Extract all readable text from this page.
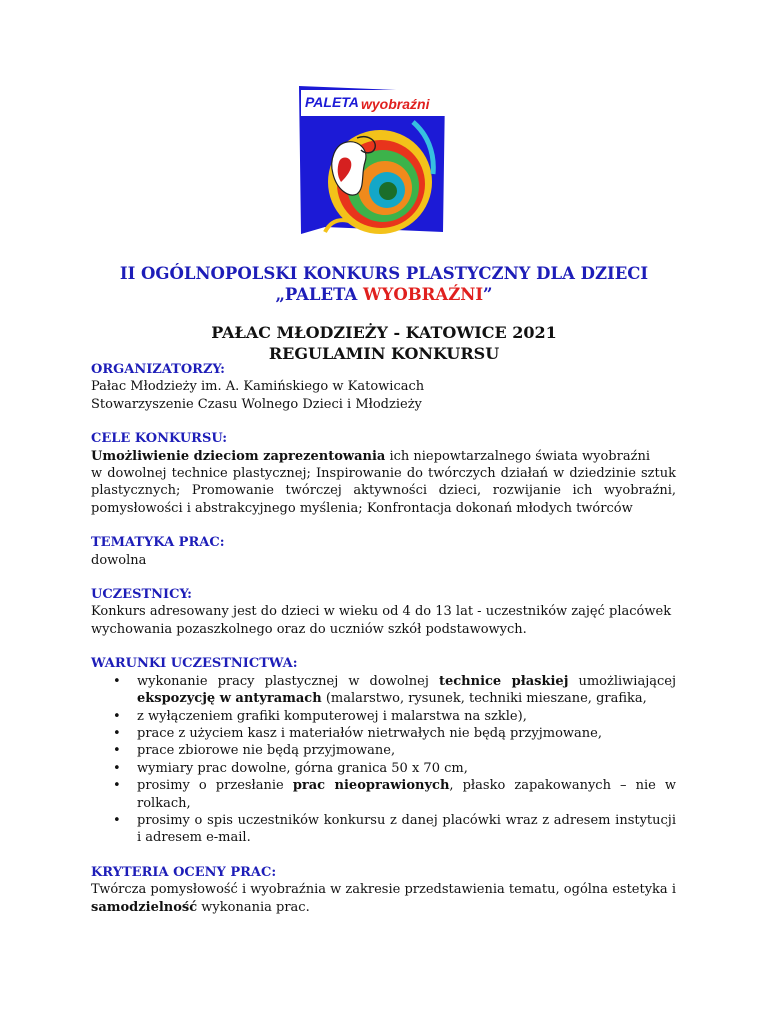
PALETA wyobraźni
II OGÓLNOPOLSKI KONKURS PLASTYCZNY DLA DZIECI
„PALETA WYOBRAŹNI”
PAŁAC MŁODZIEŻY - KATOWICE 2021
REGULAMIN KONKURSU

ORGANIZATORZY:

Pałac Młodzieży im. A. Kamińskiego w Katowicach

Stowarzyszenie Czasu Wolnego Dzieci i Młodzieży

CELE KONKURSU:

Umożliwienie dzieciom zaprezentowania ich niepowtarzalnego świata wyobraźni

w dowolnej technice plastycznej; Inspirowanie do twórczych działań w dziedzinie sztuk plastycznych; Promowanie twórczej aktywności dzieci, rozwijanie ich wyobraźni, pomysłowości i abstrakcyjnego myślenia; Konfrontacja dokonań młodych twórców

TEMATYKA PRAC:

dowolna

UCZESTNICY:

Konkurs adresowany jest do dzieci w wieku od 4 do 13 lat - uczestników zajęć placówek wychowania pozaszkolnego oraz do uczniów szkół podstawowych.

WARUNKI UCZESTNICTWA:

• wykonanie pracy plastycznej w dowolnej technice płaskiej umożliwiającej ekspozycję w antyramach (malarstwo, rysunek, techniki mieszane, grafika,
• z wyłączeniem grafiki komputerowej i malarstwa na szkle),
• prace z użyciem kasz i materiałów nietrwałych nie będą przyjmowane,
• prace zbiorowe nie będą przyjmowane,
• wymiary prac dowolne, górna granica 50 x 70 cm,
• prosimy o przesłanie prac nieoprawionych, płasko zapakowanych – nie w rolkach,
• prosimy o spis uczestników konkursu z danej placówki wraz z adresem instytucji i adresem e-mail.

KRYTERIA OCENY PRAC:

Twórcza pomysłowość i wyobraźnia w zakresie przedstawienia tematu, ogólna estetyka i samodzielność wykonania prac.
